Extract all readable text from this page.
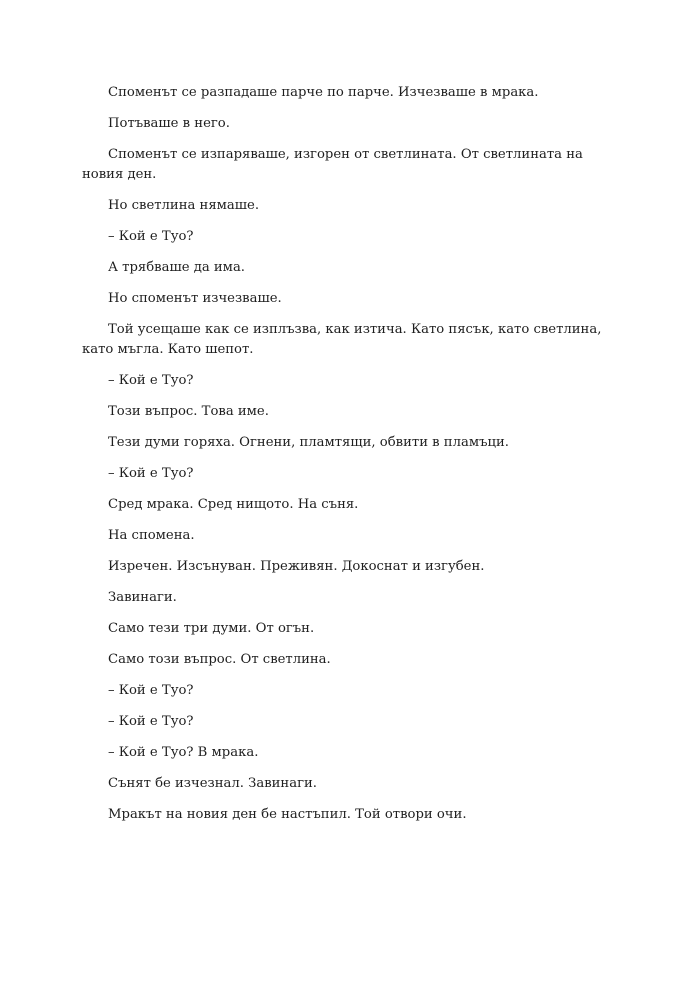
Споменът се разпадаше парче по парче. Изчезваше в мрака.

Потъваше в него.

Споменът се изпаряваше, изгорен от светлината. От светлината на новия ден.

Но светлина нямаше.

– Кой е Туо?

А трябваше да има.

Но споменът изчезваше.

Той усещаше как се изплъзва, как изтича. Като пясък, като светлина, като мъгла. Като шепот.

– Кой е Туо?

Този въпрос. Това име.

Тези думи горяха. Огнени, пламтящи, обвити в пламъци.

– Кой е Туо?

Сред мрака. Сред нищото. На съня.

На спомена.

Изречен. Изсънуван. Преживян. Докоснат и изгубен.

Завинаги.

Само тези три думи. От огън.

Само този въпрос. От светлина.

– Кой е Туо?

– Кой е Туо?

– Кой е Туо? В мрака.

Сънят бе изчезнал. Завинаги.

Мракът на новия ден бе настъпил. Той отвори очи.
